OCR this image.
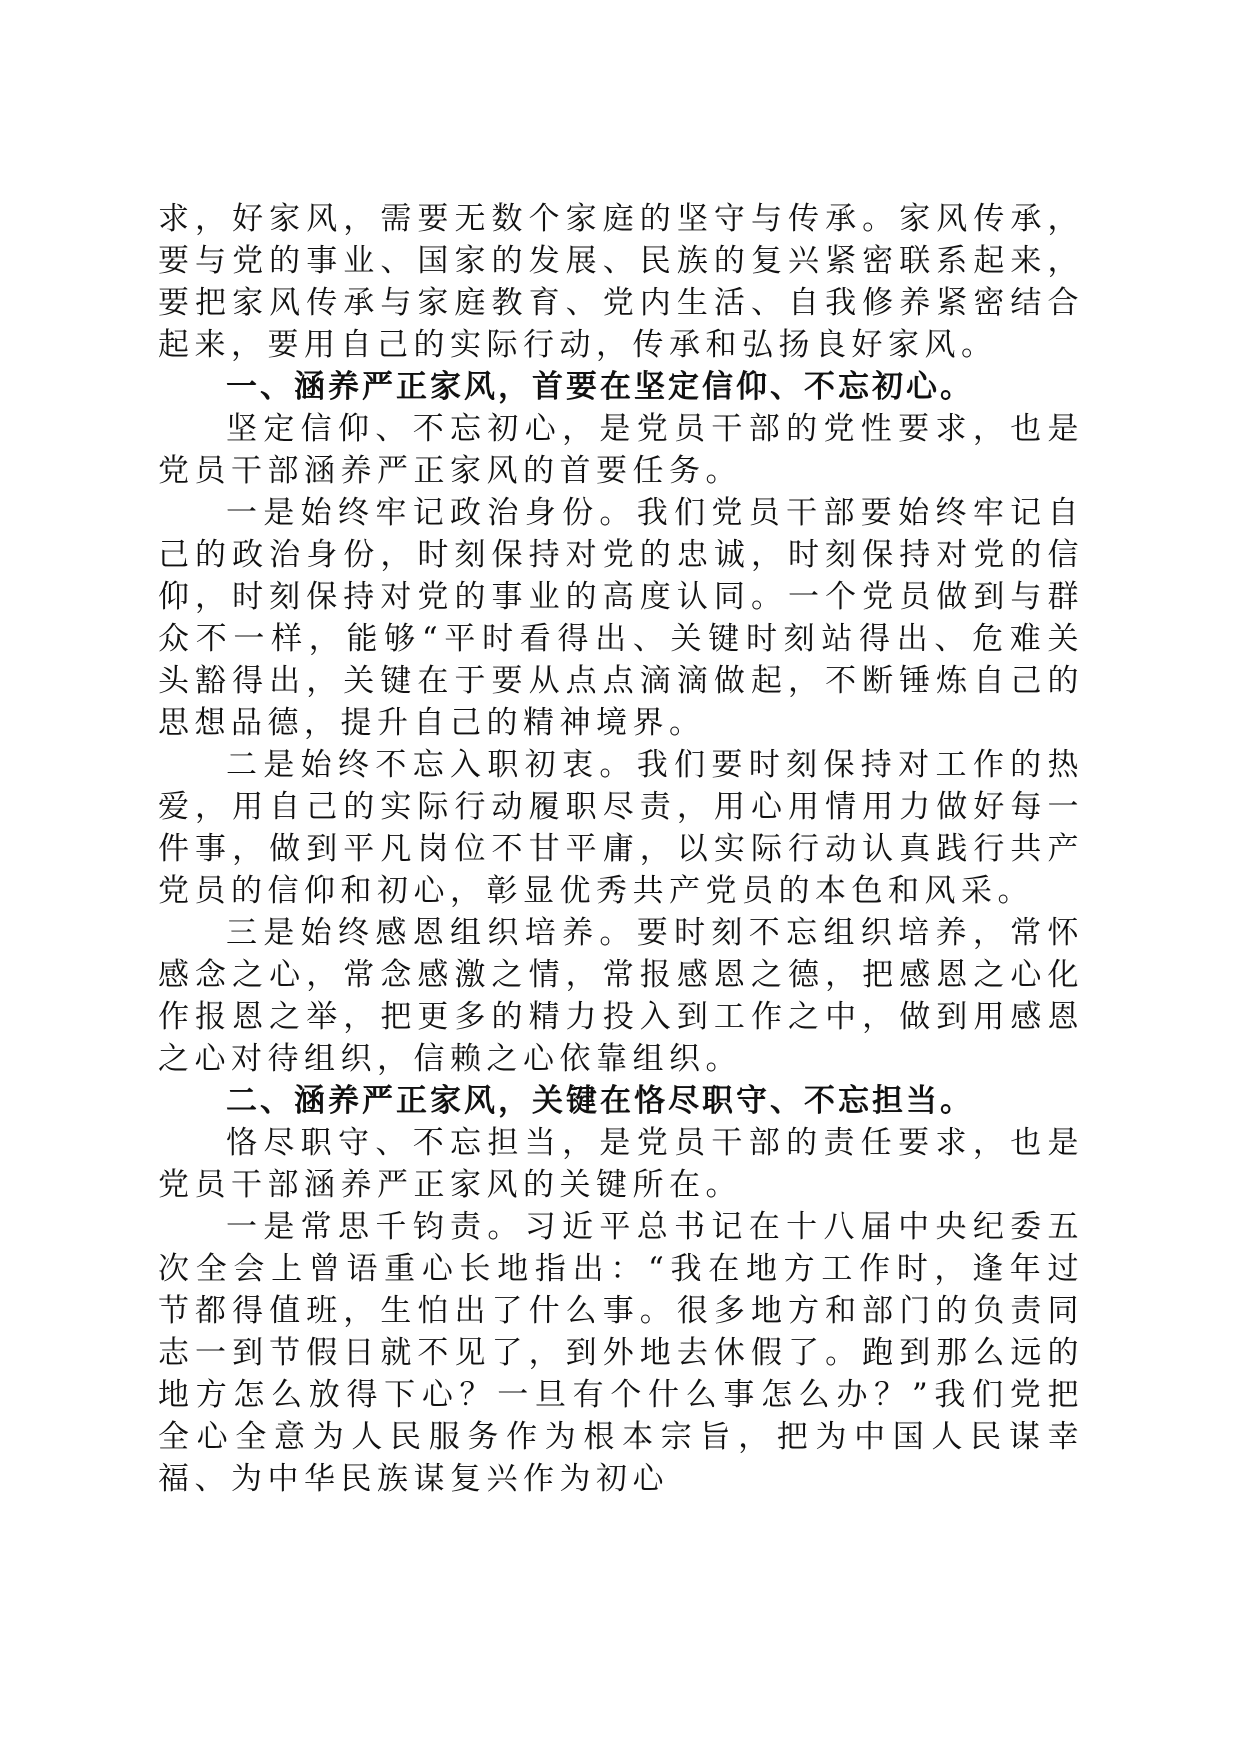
求，好家风，需要无数个家庭的坚守与传承。家风传承，要与党的事业、国家的发展、民族的复兴紧密联系起来，要把家风传承与家庭教育、党内生活、自我修养紧密结合起来，要用自己的实际行动，传承和弘扬良好家风。

一、涵养严正家风，首要在坚定信仰、不忘初心。

坚定信仰、不忘初心，是党员干部的党性要求，也是党员干部涵养严正家风的首要任务。

一是始终牢记政治身份。我们党员干部要始终牢记自己的政治身份，时刻保持对党的忠诚，时刻保持对党的信仰，时刻保持对党的事业的高度认同。一个党员做到与群众不一样，能够“平时看得出、关键时刻站得出、危难关头豁得出，关键在于要从点点滴滴做起，不断锤炼自己的思想品德，提升自己的精神境界。

二是始终不忘入职初衷。我们要时刻保持对工作的热爱，用自己的实际行动履职尽责，用心用情用力做好每一件事，做到平凡岗位不甘平庸，以实际行动认真践行共产党员的信仰和初心，彰显优秀共产党员的本色和风采。

三是始终感恩组织培养。要时刻不忘组织培养，常怀感念之心，常念感激之情，常报感恩之德，把感恩之心化作报恩之举，把更多的精力投入到工作之中，做到用感恩之心对待组织，信赖之心依靠组织。

二、涵养严正家风，关键在恪尽职守、不忘担当。

恪尽职守、不忘担当，是党员干部的责任要求，也是党员干部涵养严正家风的关键所在。

一是常思千钧责。习近平总书记在十八届中央纪委五次全会上曾语重心长地指出：“我在地方工作时，逢年过节都得值班，生怕出了什么事。很多地方和部门的负责同志一到节假日就不见了，到外地去休假了。跑到那么远的地方怎么放得下心？一旦有个什么事怎么办？”我们党把全心全意为人民服务作为根本宗旨，把为中国人民谋幸福、为中华民族谋复兴作为初心
